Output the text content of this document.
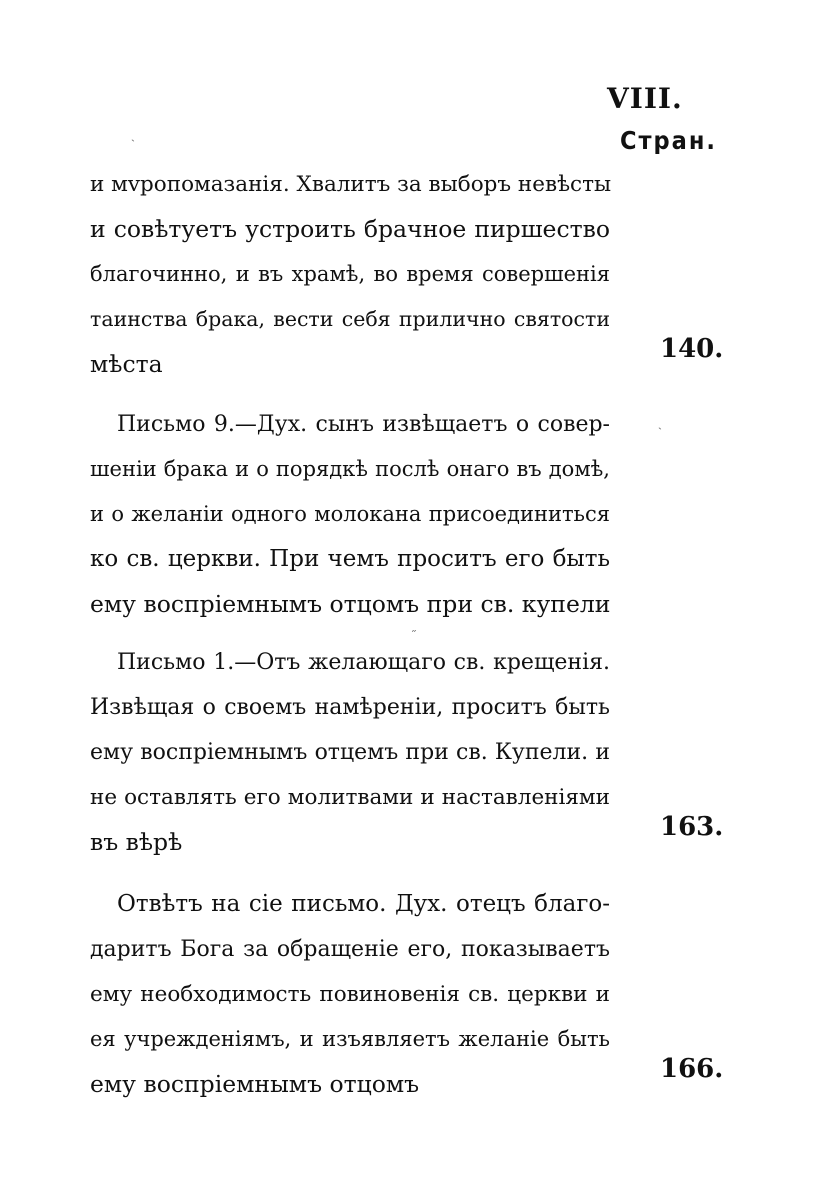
VIII.
Стран.
и мvропомазанія. Хвалитъ за выборъ невѣсты
и совѣтуетъ устроить брачное пиршество
благочинно, и въ храмѣ, во время совершенія
таинства брака, вести себя прилично святости
мѣста	140.
Письмо 9.—Дух. сынъ извѣщаетъ о совер-
шеніи брака и о порядкѣ послѣ онаго въ домѣ,
и о желаніи одного молокана присоединиться
ко св. церкви. При чемъ проситъ его быть
ему воспріемнымъ отцомъ при св. купели
Письмо 1.—Отъ желающаго св. крещенія.
Извѣщая о своемъ намѣреніи, проситъ быть
ему воспріемнымъ отцемъ при св. Купели. и
не оставлять его молитвами и наставленіями
въ вѣрѣ	163.
Отвѣтъ на сіе письмо. Дух. отецъ благо-
даритъ Бога за обращеніе его, показываетъ
ему необходимость повиновенія св. церкви и
ея учрежденіямъ, и изъявляетъ желаніе быть
ему воспріемнымъ отцомъ	166.
ˎ
ˎ
˶
